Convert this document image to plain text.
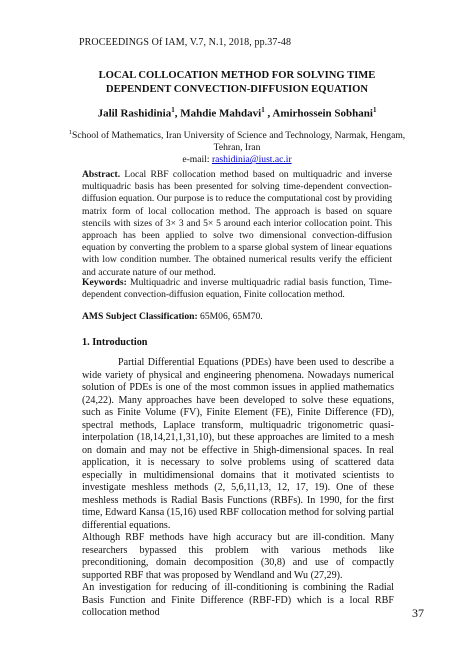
PROCEEDINGS Of IAM, V.7, N.1, 2018, pp.37-48
LOCAL COLLOCATION METHOD FOR SOLVING TIME
DEPENDENT CONVECTION-DIFFUSION EQUATION
Jalil Rashidinia$^1$, Mahdie Mahdavi$^1$ , Amirhossein Sobhani$^1$
$^1$School of Mathematics, Iran University of Science and Technology, Narmak, Hengam,
Tehran, Iran
e-mail: rashidinia@iust.ac.ir
Abstract. Local RBF collocation method based on multiquadric and inverse multiquadric basis has been presented for solving time-dependent convection-diffusion equation. Our purpose is to reduce the computational cost by providing matrix form of local collocation method. The approach is based on square stencils with sizes of 3× 3 and 5× 5 around each interior collocation point. This approach has been applied to solve two dimensional convection-diffusion equation by converting the problem to a sparse global system of linear equations with low condition number. The obtained numerical results verify the efficient and accurate nature of our method.
Keywords: Multiquadric and inverse multiquadric radial basis function, Time-dependent convection-diffusion equation, Finite collocation method.
AMS Subject Classification: 65M06, 65M70.
1. Introduction

Partial Differential Equations (PDEs) have been used to describe a wide variety of physical and engineering phenomena. Nowadays numerical solution of PDEs is one of the most common issues in applied mathematics (24,22). Many approaches have been developed to solve these equations, such as Finite Volume (FV), Finite Element (FE), Finite Difference (FD), spectral methods, Laplace transform, multiquadric trigonometric quasi-interpolation (18,14,21,1,31,10), but these approaches are limited to a mesh on domain and may not be effective in 5high-dimensional spaces. In real application, it is necessary to solve problems using of scattered data especially in multidimensional domains that it motivated scientists to investigate meshless methods (2, 5,6,11,13, 12, 17, 19). One of these meshless methods is Radial Basis Functions (RBFs). In 1990, for the first time, Edward Kansa (15,16) used RBF collocation method for solving partial differential equations.

Although RBF methods have high accuracy but are ill-condition. Many researchers bypassed this problem with various methods like preconditioning, domain decomposition (30,8) and use of compactly supported RBF that was proposed by Wendland and Wu (27,29).

An investigation for reducing of ill-conditioning is combining the Radial Basis Function and Finite Difference (RBF-FD) which is a local RBF collocation method	37
